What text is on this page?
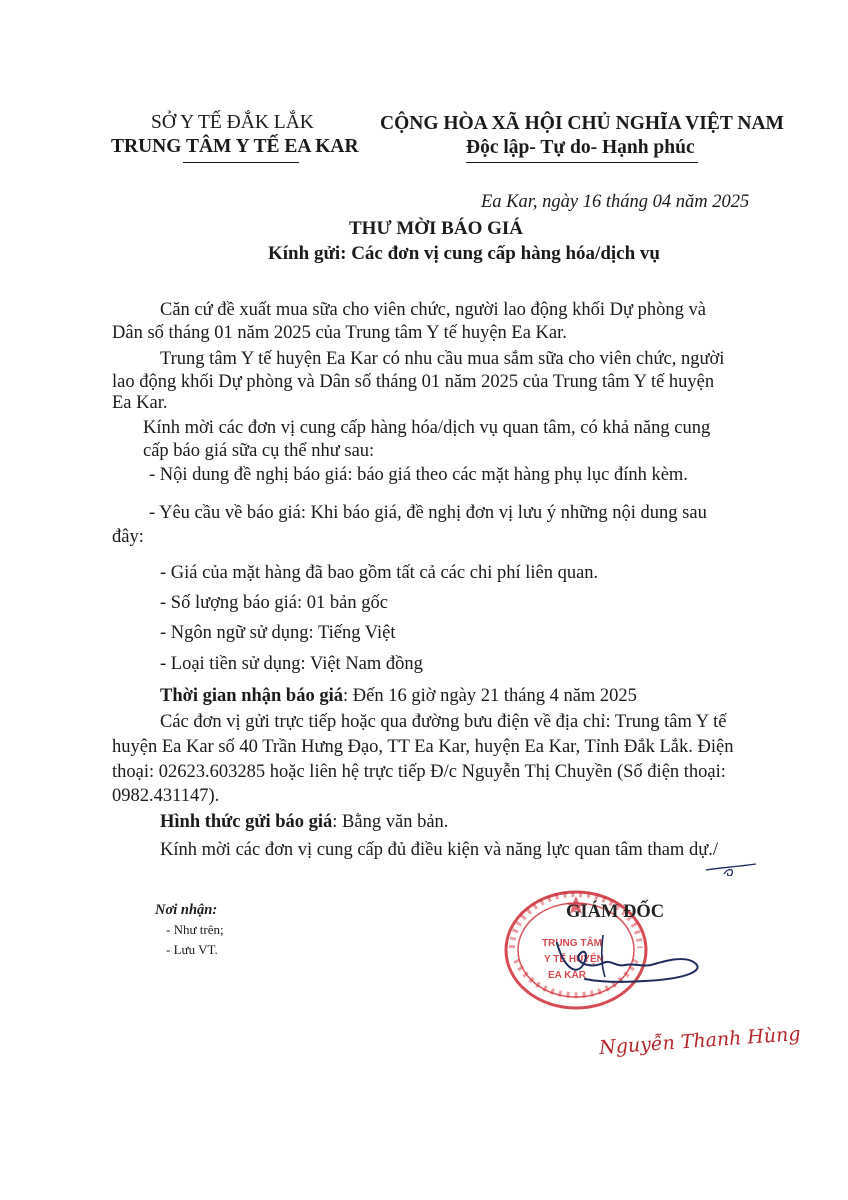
SỞ Y TẾ ĐẮK LẮK
TRUNG TÂM Y TẾ EA KAR
CỘNG HÒA XÃ HỘI CHỦ NGHĨA VIỆT NAM
Độc lập- Tự do- Hạnh phúc
Ea Kar, ngày 16 tháng 04 năm 2025
THƯ MỜI BÁO GIÁ
Kính gửi: Các đơn vị cung cấp hàng hóa/dịch vụ
Căn cứ đề xuất mua sữa cho viên chức, người lao động khối Dự phòng và
Dân số tháng 01 năm 2025 của Trung tâm Y tế huyện Ea Kar.
Trung tâm Y tế huyện Ea Kar có nhu cầu mua sắm sữa cho viên chức, người
lao động khối Dự phòng và Dân số tháng 01 năm 2025 của Trung tâm Y tế huyện
Ea Kar.
Kính mời các đơn vị cung cấp hàng hóa/dịch vụ quan tâm, có khả năng cung
cấp báo giá sữa cụ thể như sau:
- Nội dung đề nghị báo giá: báo giá theo các mặt hàng phụ lục đính kèm.
- Yêu cầu về báo giá: Khi báo giá, đề nghị đơn vị lưu ý những nội dung sau
đây:
- Giá của mặt hàng đã bao gồm tất cả các chi phí liên quan.
- Số lượng báo giá: 01 bản gốc
- Ngôn ngữ sử dụng: Tiếng Việt
- Loại tiền sử dụng: Việt Nam đồng
Thời gian nhận báo giá: Đến 16 giờ ngày 21 tháng 4 năm 2025
Các đơn vị gửi trực tiếp hoặc qua đường bưu điện về địa chỉ: Trung tâm Y tế
huyện Ea Kar số 40 Trần Hưng Đạo, TT Ea Kar, huyện Ea Kar, Tỉnh Đắk Lắk. Điện
thoại: 02623.603285 hoặc liên hệ trực tiếp Đ/c Nguyễn Thị Chuyền (Số điện thoại:
0982.431147).
Hình thức gửi báo giá: Bằng văn bản.
Kính mời các đơn vị cung cấp đủ điều kiện và năng lực quan tâm tham dự./
Nơi nhận:
- Như trên;
- Lưu VT.	TRUNG TÂM
Y TẾ HUYỆN
EA KAR
GIÁM ĐỐC
Nguyễn Thanh Hùng
